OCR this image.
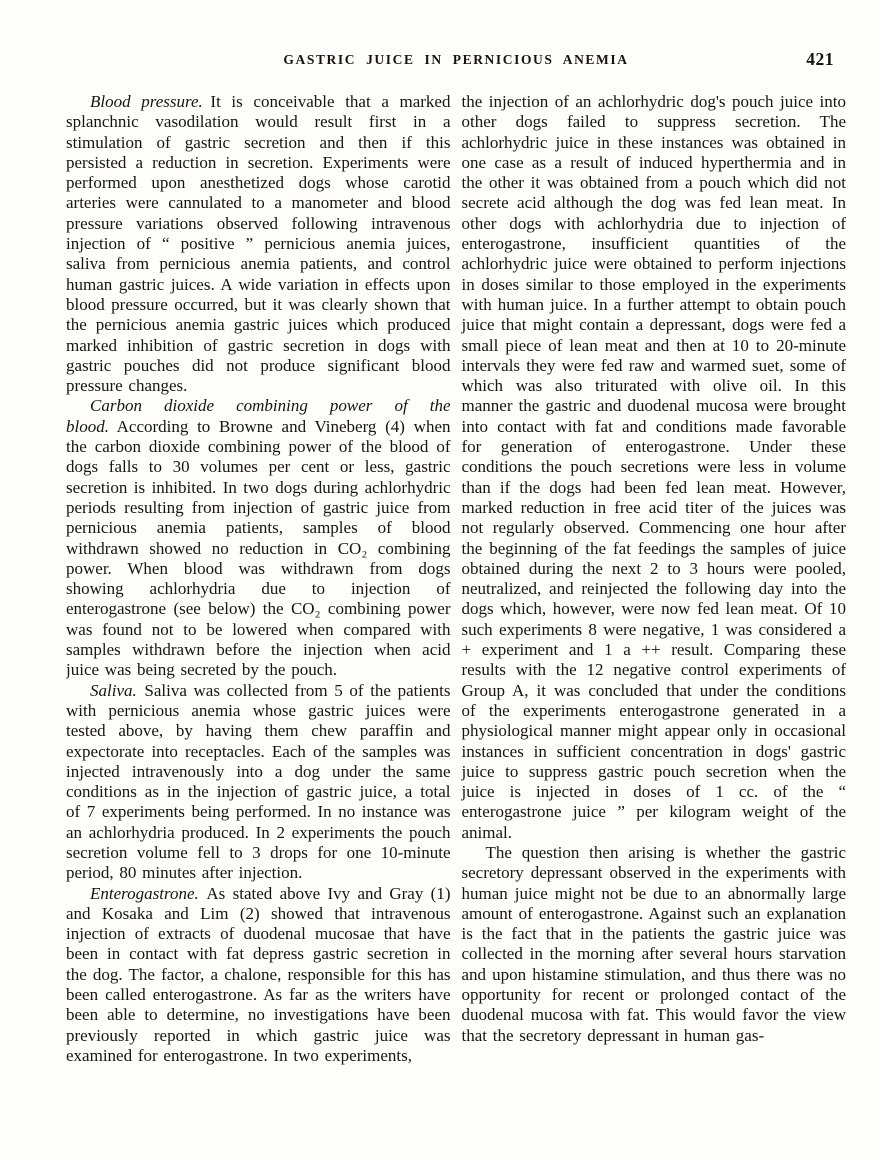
GASTRIC JUICE IN PERNICIOUS ANEMIA	421

Blood pressure. It is conceivable that a marked splanchnic vasodilation would result first in a stimulation of gastric secretion and then if this persisted a reduction in secretion. Experiments were performed upon anesthetized dogs whose carotid arteries were cannulated to a manometer and blood pressure variations observed following intravenous injection of “ positive ” pernicious anemia juices, saliva from pernicious anemia patients, and control human gastric juices. A wide variation in effects upon blood pressure occurred, but it was clearly shown that the pernicious anemia gastric juices which produced marked inhibition of gastric secretion in dogs with gastric pouches did not produce significant blood pressure changes.

Carbon dioxide combining power of the blood. According to Browne and Vineberg (4) when the carbon dioxide combining power of the blood of dogs falls to 30 volumes per cent or less, gastric secretion is inhibited. In two dogs during achlorhydric periods resulting from injection of gastric juice from pernicious anemia patients, samples of blood withdrawn showed no reduction in CO₂ combining power. When blood was withdrawn from dogs showing achlorhydria due to injection of enterogastrone (see below) the CO₂ combining power was found not to be lowered when compared with samples withdrawn before the injection when acid juice was being secreted by the pouch.

Saliva. Saliva was collected from 5 of the patients with pernicious anemia whose gastric juices were tested above, by having them chew paraffin and expectorate into receptacles. Each of the samples was injected intravenously into a dog under the same conditions as in the injection of gastric juice, a total of 7 experiments being performed. In no instance was an achlorhydria produced. In 2 experiments the pouch secretion volume fell to 3 drops for one 10-minute period, 80 minutes after injection.

Enterogastrone. As stated above Ivy and Gray (1) and Kosaka and Lim (2) showed that intravenous injection of extracts of duodenal mucosae that have been in contact with fat depress gastric secretion in the dog. The factor, a chalone, responsible for this has been called enterogastrone. As far as the writers have been able to determine, no investigations have been previously reported in which gastric juice was examined for enterogastrone. In two experiments,

the injection of an achlorhydric dog's pouch juice into other dogs failed to suppress secretion. The achlorhydric juice in these instances was obtained in one case as a result of induced hyperthermia and in the other it was obtained from a pouch which did not secrete acid although the dog was fed lean meat. In other dogs with achlorhydria due to injection of enterogastrone, insufficient quantities of the achlorhydric juice were obtained to perform injections in doses similar to those employed in the experiments with human juice. In a further attempt to obtain pouch juice that might contain a depressant, dogs were fed a small piece of lean meat and then at 10 to 20-minute intervals they were fed raw and warmed suet, some of which was also triturated with olive oil. In this manner the gastric and duodenal mucosa were brought into contact with fat and conditions made favorable for generation of enterogastrone. Under these conditions the pouch secretions were less in volume than if the dogs had been fed lean meat. However, marked reduction in free acid titer of the juices was not regularly observed. Commencing one hour after the beginning of the fat feedings the samples of juice obtained during the next 2 to 3 hours were pooled, neutralized, and reinjected the following day into the dogs which, however, were now fed lean meat. Of 10 such experiments 8 were negative, 1 was considered a + experiment and 1 a ++ result. Comparing these results with the 12 negative control experiments of Group A, it was concluded that under the conditions of the experiments enterogastrone generated in a physiological manner might appear only in occasional instances in sufficient concentration in dogs' gastric juice to suppress gastric pouch secretion when the juice is injected in doses of 1 cc. of the “ enterogastrone juice ” per kilogram weight of the animal.

The question then arising is whether the gastric secretory depressant observed in the experiments with human juice might not be due to an abnormally large amount of enterogastrone. Against such an explanation is the fact that in the patients the gastric juice was collected in the morning after several hours starvation and upon histamine stimulation, and thus there was no opportunity for recent or prolonged contact of the duodenal mucosa with fat. This would favor the view that the secretory depressant in human gas-
